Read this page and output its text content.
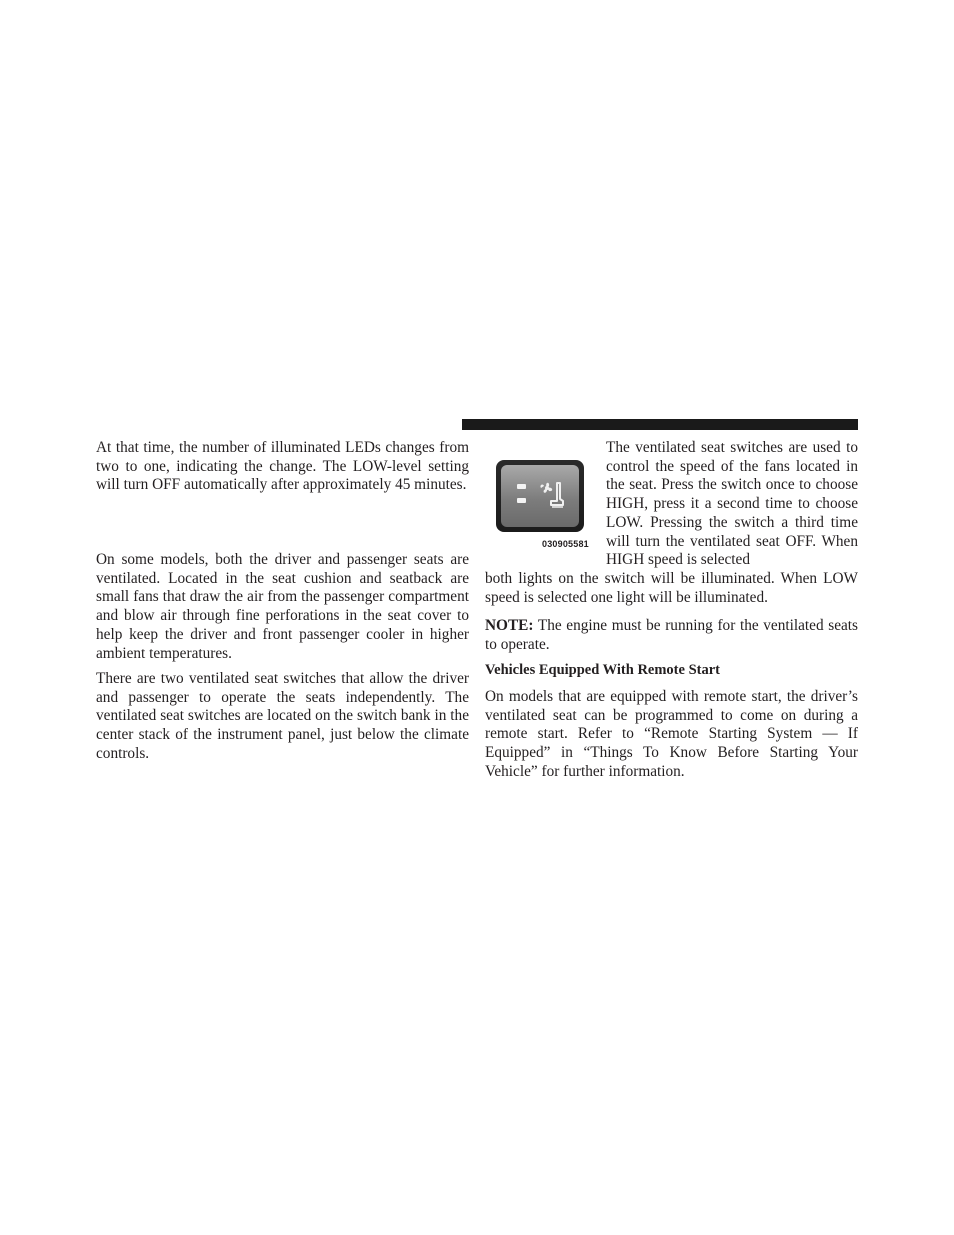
At that time, the number of illuminated LEDs changes from two to one, indicating the change. The LOW-level setting will turn OFF automatically after approximately 45 minutes.

On some models, both the driver and passenger seats are ventilated. Located in the seat cushion and seatback are small fans that draw the air from the passenger compartment and blow air through fine perforations in the seat cover to help keep the driver and front passenger cooler in higher ambient temperatures.

There are two ventilated seat switches that allow the driver and passenger to operate the seats independently. The ventilated seat switches are located on the switch bank in the center stack of the instrument panel, just below the climate controls.

030905581

The ventilated seat switches are used to control the speed of the fans located in the seat. Press the switch once to choose HIGH, press it a second time to choose LOW. Pressing the switch a third time will turn the ventilated seat OFF. When HIGH speed is selected

both lights on the switch will be illuminated. When LOW speed is selected one light will be illuminated.

NOTE: The engine must be running for the ventilated seats to operate.

Vehicles Equipped With Remote Start

On models that are equipped with remote start, the driver’s ventilated seat can be programmed to come on during a remote start. Refer to “Remote Starting System — If Equipped” in “Things To Know Before Starting Your Vehicle” for further information.
